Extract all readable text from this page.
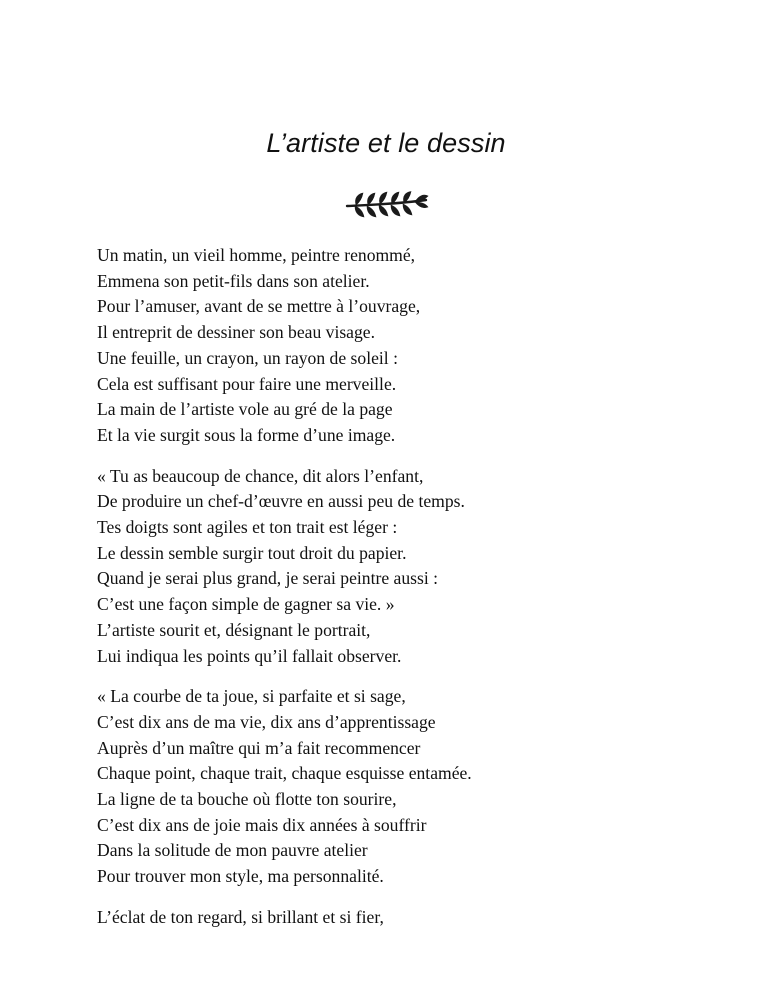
L’artiste et le dessin
Un matin, un vieil homme, peintre renommé,
Emmena son petit-fils dans son atelier.
Pour l’amuser, avant de se mettre à l’ouvrage,
Il entreprit de dessiner son beau visage.
Une feuille, un crayon, un rayon de soleil :
Cela est suffisant pour faire une merveille.
La main de l’artiste vole au gré de la page
Et la vie surgit sous la forme d’une image.
« Tu as beaucoup de chance, dit alors l’enfant,
De produire un chef-d’œuvre en aussi peu de temps.
Tes doigts sont agiles et ton trait est léger :
Le dessin semble surgir tout droit du papier.
Quand je serai plus grand, je serai peintre aussi :
C’est une façon simple de gagner sa vie. »
L’artiste sourit et, désignant le portrait,
Lui indiqua les points qu’il fallait observer.
« La courbe de ta joue, si parfaite et si sage,
C’est dix ans de ma vie, dix ans d’apprentissage
Auprès d’un maître qui m’a fait recommencer
Chaque point, chaque trait, chaque esquisse entamée.
La ligne de ta bouche où flotte ton sourire,
C’est dix ans de joie mais dix années à souffrir
Dans la solitude de mon pauvre atelier
Pour trouver mon style, ma personnalité.
L’éclat de ton regard, si brillant et si fier,
